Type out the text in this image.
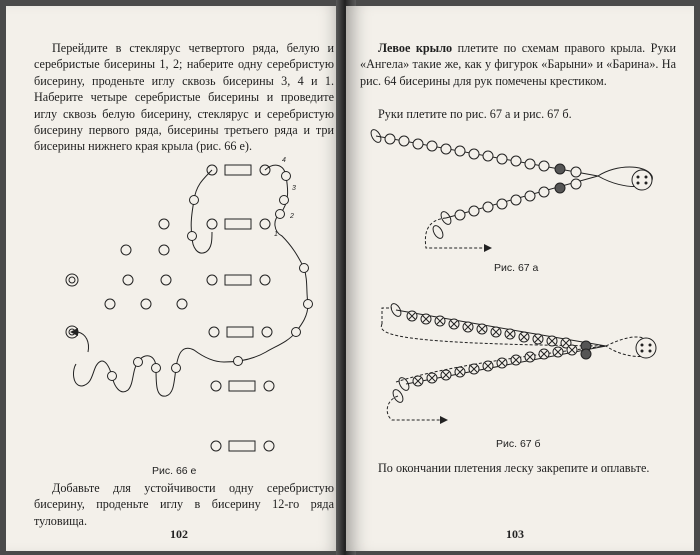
Перейдите в стеклярус четвертого ряда, белую и серебристые бисерины 1, 2; наберите одну серебристую бисерину, проденьте иглу сквозь бисерины 3, 4 и 1. Наберите четыре серебристые бисерины и проведите иглу сквозь белую бисерину, стеклярус и серебристую бисерину первого ряда, бисерины третьего ряда и три бисерины нижнего края крыла (рис. 66 е).

1
2
3
4
Рис. 66 е

Добавьте для устойчивости одну серебристую бисерину, проденьте иглу в бисерину 12-го ряда туловища.

102

Левое крыло плетите по схемам правого крыла. Руки «Ангела» такие же, как у фигурок «Барыни» и «Барина». На рис. 64 бисерины для рук помечены крестиком.

Руки плетите по рис. 67 а и рис. 67 б.

Рис. 67 а
Рис. 67 б

По окончании плетения леску закрепите и оплавьте.

103
